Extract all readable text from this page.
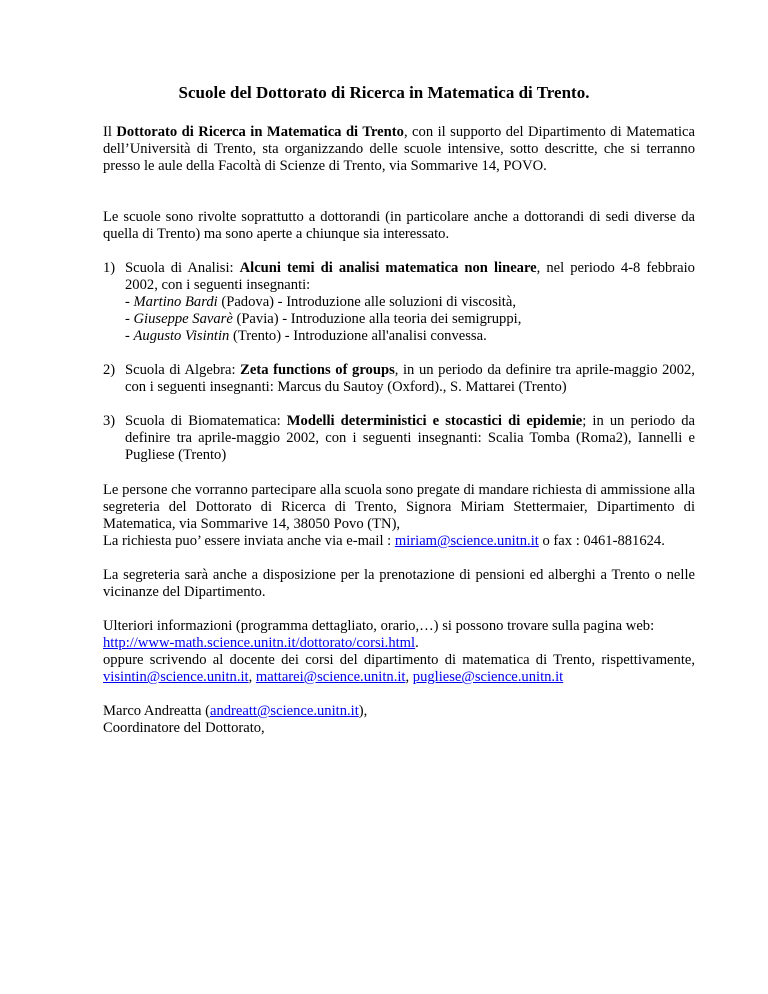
Scuole del Dottorato di Ricerca in Matematica di Trento.

Il Dottorato di Ricerca in Matematica di Trento, con il supporto del Dipartimento di Matematica dell’Università di Trento, sta organizzando delle scuole intensive, sotto descritte, che si terranno presso le aule della Facoltà di Scienze di Trento, via Sommarive 14, POVO.

Le scuole sono rivolte soprattutto a dottorandi (in particolare anche a dottorandi di sedi diverse da quella di Trento) ma sono aperte a chiunque sia interessato.

1) Scuola di Analisi: Alcuni temi di analisi matematica non lineare, nel periodo 4-8 febbraio 2002, con i seguenti insegnanti:
- Martino Bardi (Padova) - Introduzione alle soluzioni di viscosità,
- Giuseppe Savarè (Pavia) - Introduzione alla teoria dei semigruppi,
- Augusto Visintin (Trento) - Introduzione all'analisi convessa.
2) Scuola di Algebra: Zeta functions of groups, in un periodo da definire tra aprile-maggio 2002, con i seguenti insegnanti: Marcus du Sautoy (Oxford)., S. Mattarei (Trento)
3) Scuola di Biomatematica: Modelli deterministici e stocastici di epidemie; in un periodo da definire tra aprile-maggio 2002, con i seguenti insegnanti: Scalia Tomba (Roma2), Iannelli e Pugliese (Trento)

Le persone che vorranno partecipare alla scuola sono pregate di mandare richiesta di ammissione alla segreteria del Dottorato di Ricerca di Trento, Signora Miriam Stettermaier, Dipartimento di Matematica, via Sommarive 14, 38050 Povo (TN),
La richiesta puo’ essere inviata anche via e-mail : miriam@science.unitn.it o fax : 0461-881624.

La segreteria sarà anche a disposizione per la prenotazione di pensioni ed alberghi a Trento o nelle vicinanze del Dipartimento.

Ulteriori informazioni (programma dettagliato, orario,…) si possono trovare sulla pagina web:
http://www-math.science.unitn.it/dottorato/corsi.html.

oppure scrivendo al docente dei corsi del dipartimento di matematica di Trento, rispettivamente,
visintin@science.unitn.it, mattarei@science.unitn.it, pugliese@science.unitn.it

Marco Andreatta (andreatt@science.unitn.it),
Coordinatore del Dottorato,
